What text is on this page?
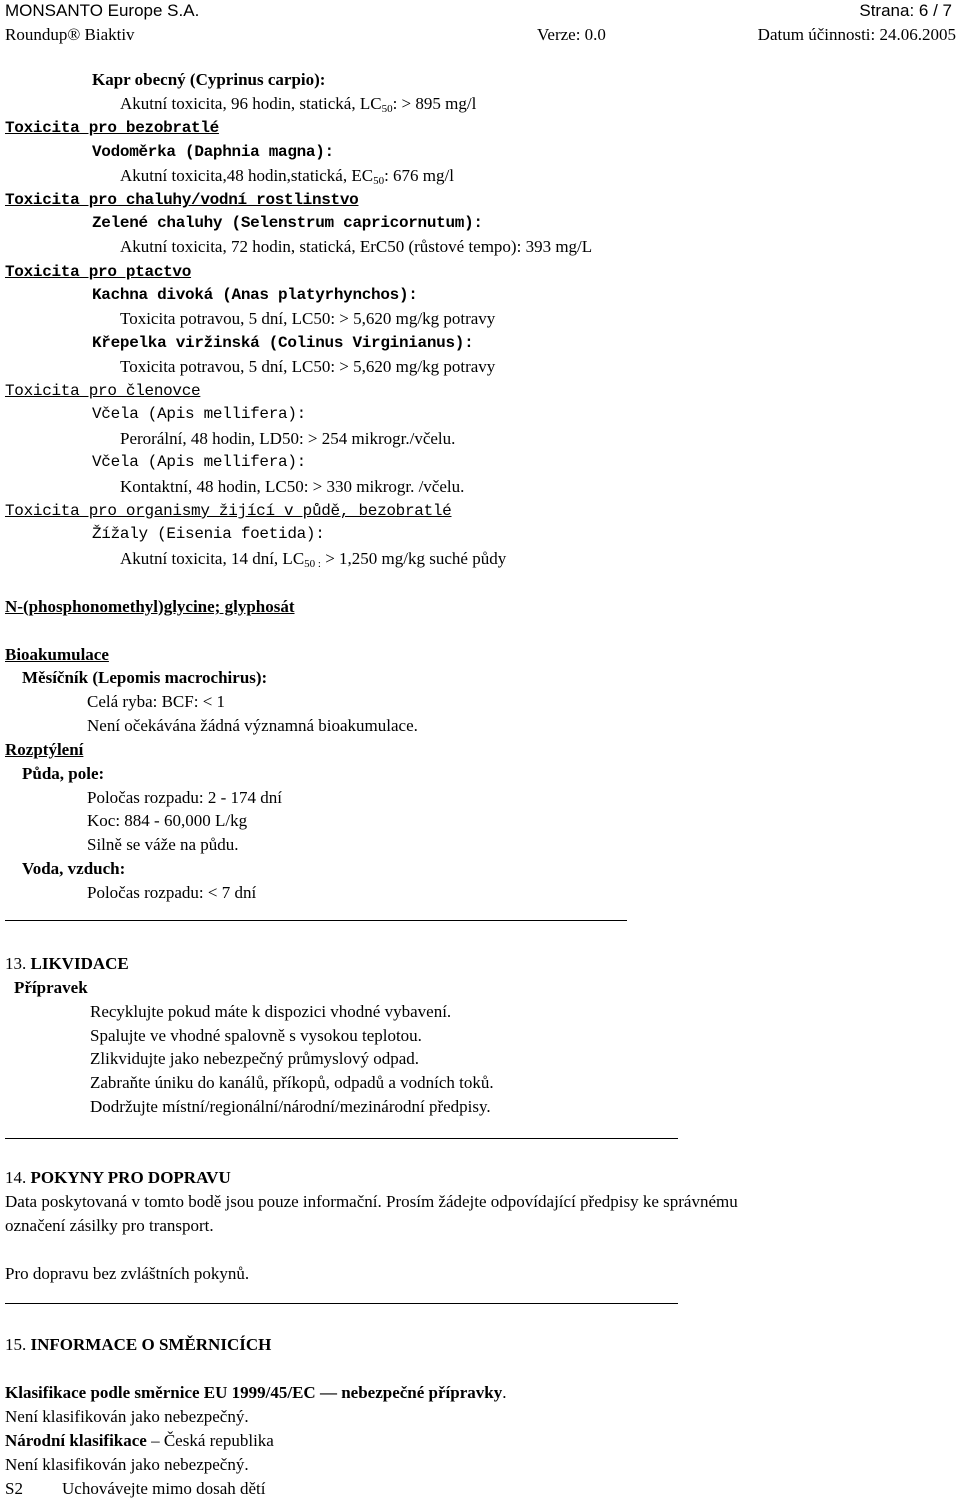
MONSANTO Europe S.A.	Strana: 6 / 7
Roundup® Biaktiv	Verze: 0.0	Datum účinnosti: 24.06.2005
Kapr obecný (Cyprinus carpio):
Akutní toxicita, 96 hodin, statická, $LC_{50}$: > 895 mg/l
Toxicita pro bezobratlé
Vodoměrka (Daphnia magna):
Akutní toxicita,48 hodin,statická, $EC_{50}$: 676 mg/l
Toxicita pro chaluhy/vodní rostlinstvo
Zelené chaluhy (Selenstrum capricornutum):
Akutní toxicita, 72 hodin, statická, ErC50 (růstové tempo): 393 mg/L
Toxicita pro ptactvo
Kachna divoká (Anas platyrhynchos):
Toxicita potravou, 5 dní, LC50: > 5,620 mg/kg potravy
Křepelka viržinská (Colinus Virginianus):
Toxicita potravou, 5 dní, LC50: > 5,620 mg/kg potravy
Toxicita pro členovce
Včela (Apis mellifera):
Perorální, 48 hodin, LD50: > 254 mikrogr./včelu.
Včela (Apis mellifera):
Kontaktní, 48 hodin, LC50: > 330 mikrogr. /včelu.
Toxicita pro organismy žijící v půdě, bezobratlé
Žížaly (Eisenia foetida):
Akutní toxicita, 14 dní, $LC_{50 :} > 1,250$ mg/kg suché půdy
N-(phosphonomethyl)glycine; glyphosát
Bioakumulace
Měsíčník (Lepomis macrochirus):
Celá ryba: BCF: < 1
Není očekávána žádná významná bioakumulace.
Rozptýlení
Půda, pole:
Poločas rozpadu: 2 - 174 dní
Koc: 884 - 60,000 L/kg
Silně se váže na půdu.
Voda, vzduch:
Poločas rozpadu: < 7 dní
13. LIKVIDACE
Přípravek
Recyklujte pokud máte k dispozici vhodné vybavení.
Spalujte ve vhodné spalovně s vysokou teplotou.
Zlikvidujte jako nebezpečný průmyslový odpad.
Zabraňte úniku do kanálů, příkopů, odpadů a vodních toků.
Dodržujte místní/regionální/národní/mezinárodní předpisy.
14. POKYNY PRO DOPRAVU
Data poskytovaná v tomto bodě jsou pouze informační. Prosím žádejte odpovídající předpisy ke správnému
označení zásilky pro transport.
Pro dopravu bez zvláštních pokynů.
15. INFORMACE O SMĚRNICÍCH
Klasifikace podle směrnice EU 1999/45/EC — nebezpečné přípravky.
Není klasifikován jako nebezpečný.
Národní klasifikace – Česká republika
Není klasifikován jako nebezpečný.
S2 Uchovávejte mimo dosah dětí
